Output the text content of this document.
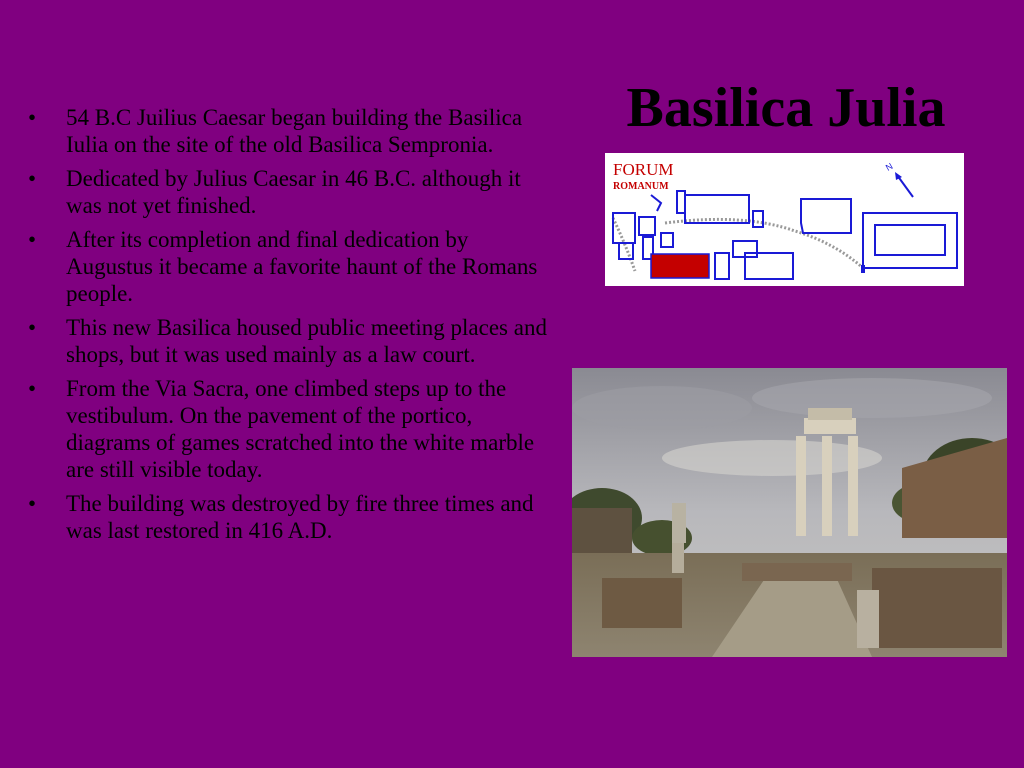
Basilica Julia
• 54 B.C Juilius Caesar began building the Basilica Iulia on the site of the old Basilica Sempronia.
• Dedicated by Julius Caesar in 46 B.C. although it was not yet finished.
• After its completion and final dedication by Augustus it became a favorite haunt of the Romans people.
• This new Basilica housed public meeting places and shops, but it was used mainly as a law court.
• From the Via Sacra, one climbed steps up to the vestibulum. On the pavement of the portico, diagrams of games scratched into the white marble are still visible today.
• The building was destroyed by fire three times and was last restored in 416 A.D.
FORUM
ROMANUM
N
